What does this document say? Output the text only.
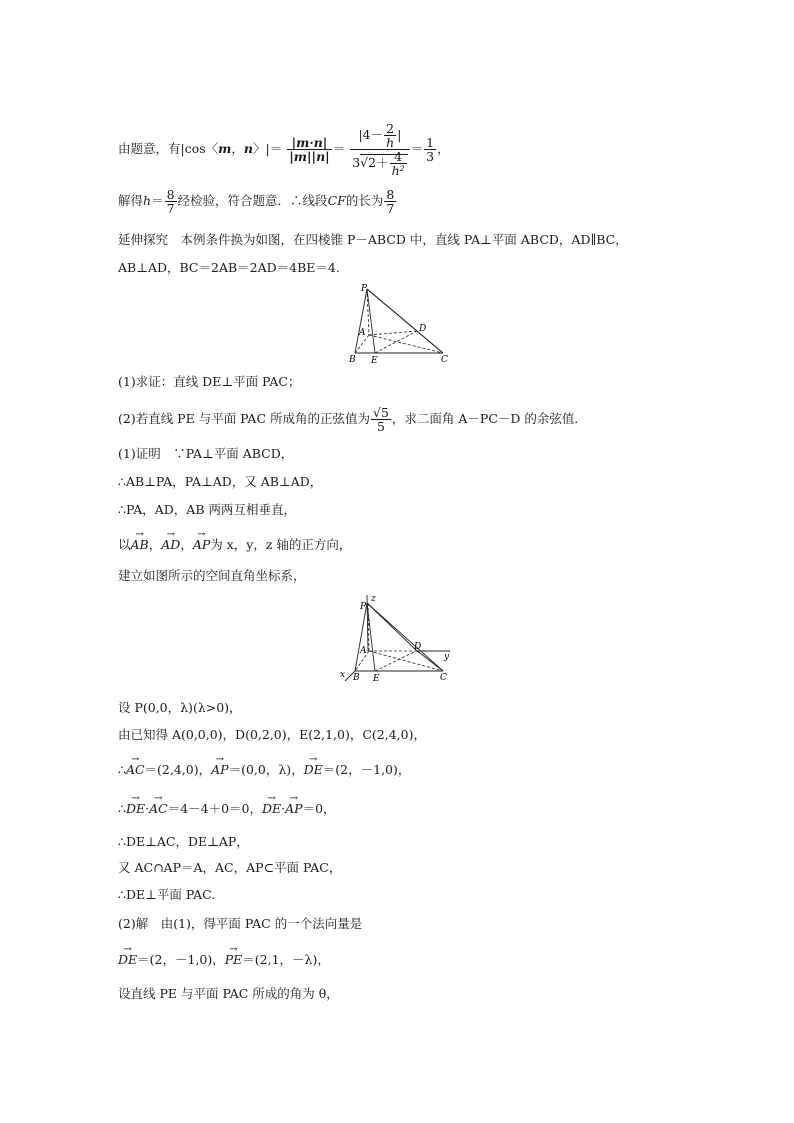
由题意，有|cos〈m，n〉|＝ $\frac{|m\cdot n|}{|m||n|} = \frac{|4- \frac{2}{h} |}{3√2+ \frac{4}{\text{h²}}} = \frac{1}{3}$ ，
解得$h= \frac{8}{7}$ 经检验，符合题意．∴线段CF的长为 $\frac{8}{7}$
延伸探究　本例条件换为如图，在四棱锥 P－ABCD 中，直线 PA⊥平面 ABCD，AD∥BC，
AB⊥AD，BC＝2AB＝2AD＝4BE＝4.
P
A	D
B E	C
(1)求证：直线 DE⊥平面 PAC；
(2)若直线 PE 与平面 PAC 所成角的正弦值为 $\frac{√5}{5}$ ，求二面角 A－PC－D 的余弦值．
(1)证明　∵PA⊥平面 ABCD，
∴AB⊥PA，PA⊥AD，又 AB⊥AD，
∴PA，AD，AB 两两互相垂直，
以→ AB，→ AD，→ AP为 x，y，z 轴的正方向，
建立如图所示的空间直角坐标系，
z
P
A	D
y
x B E	C
设 P(0,0，λ)(λ>0)，
由已知得 A(0,0,0)，D(0,2,0)，E(2,1,0)，C(2,4,0)，
∴→ AC＝(2,4,0)，→ AP＝(0,0，λ)，→ DE＝(2，－1,0)，
∴→ DE·→ AC＝4－4＋0＝0，→ DE·→ AP＝0，
∴DE⊥AC，DE⊥AP，
又 AC∩AP＝A，AC，AP⊂平面 PAC，
∴DE⊥平面 PAC.
(2)解　由(1)，得平面 PAC 的一个法向量是
→ DE＝(2，－1,0)，→ PE＝(2,1，－λ)，
设直线 PE 与平面 PAC 所成的角为 θ，
